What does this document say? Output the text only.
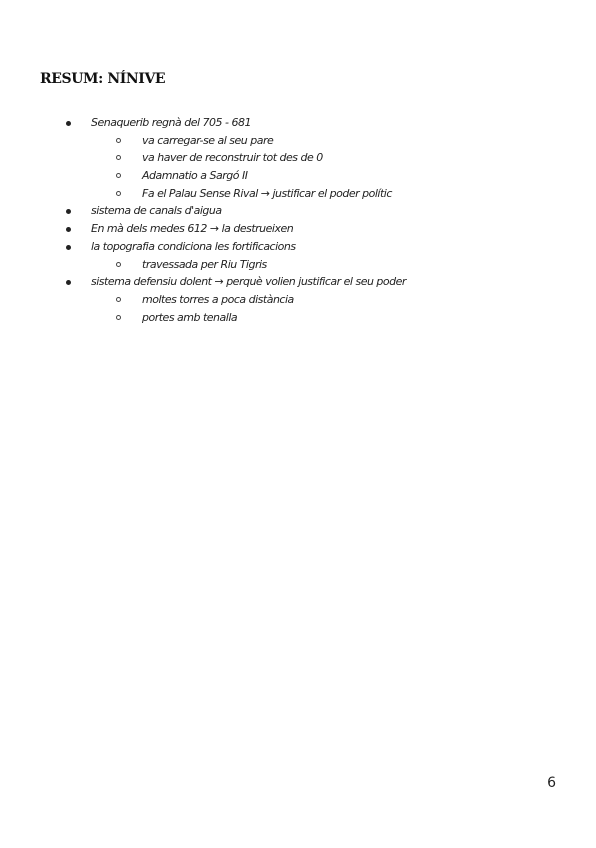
RESUM: NÍNIVE
Senaquerib regnà del 705 - 681
va carregar-se al seu pare
va haver de reconstruir tot des de 0
Adamnatio a Sargó II
Fa el Palau Sense Rival → justificar el poder polític
sistema de canals d'aigua
En mà dels medes 612 → la destrueixen
la topografia condiciona les fortificacions
travessada per Riu Tigris
sistema defensiu dolent → perquè volien justificar el seu poder
moltes torres a poca distància
portes amb tenalla
6
